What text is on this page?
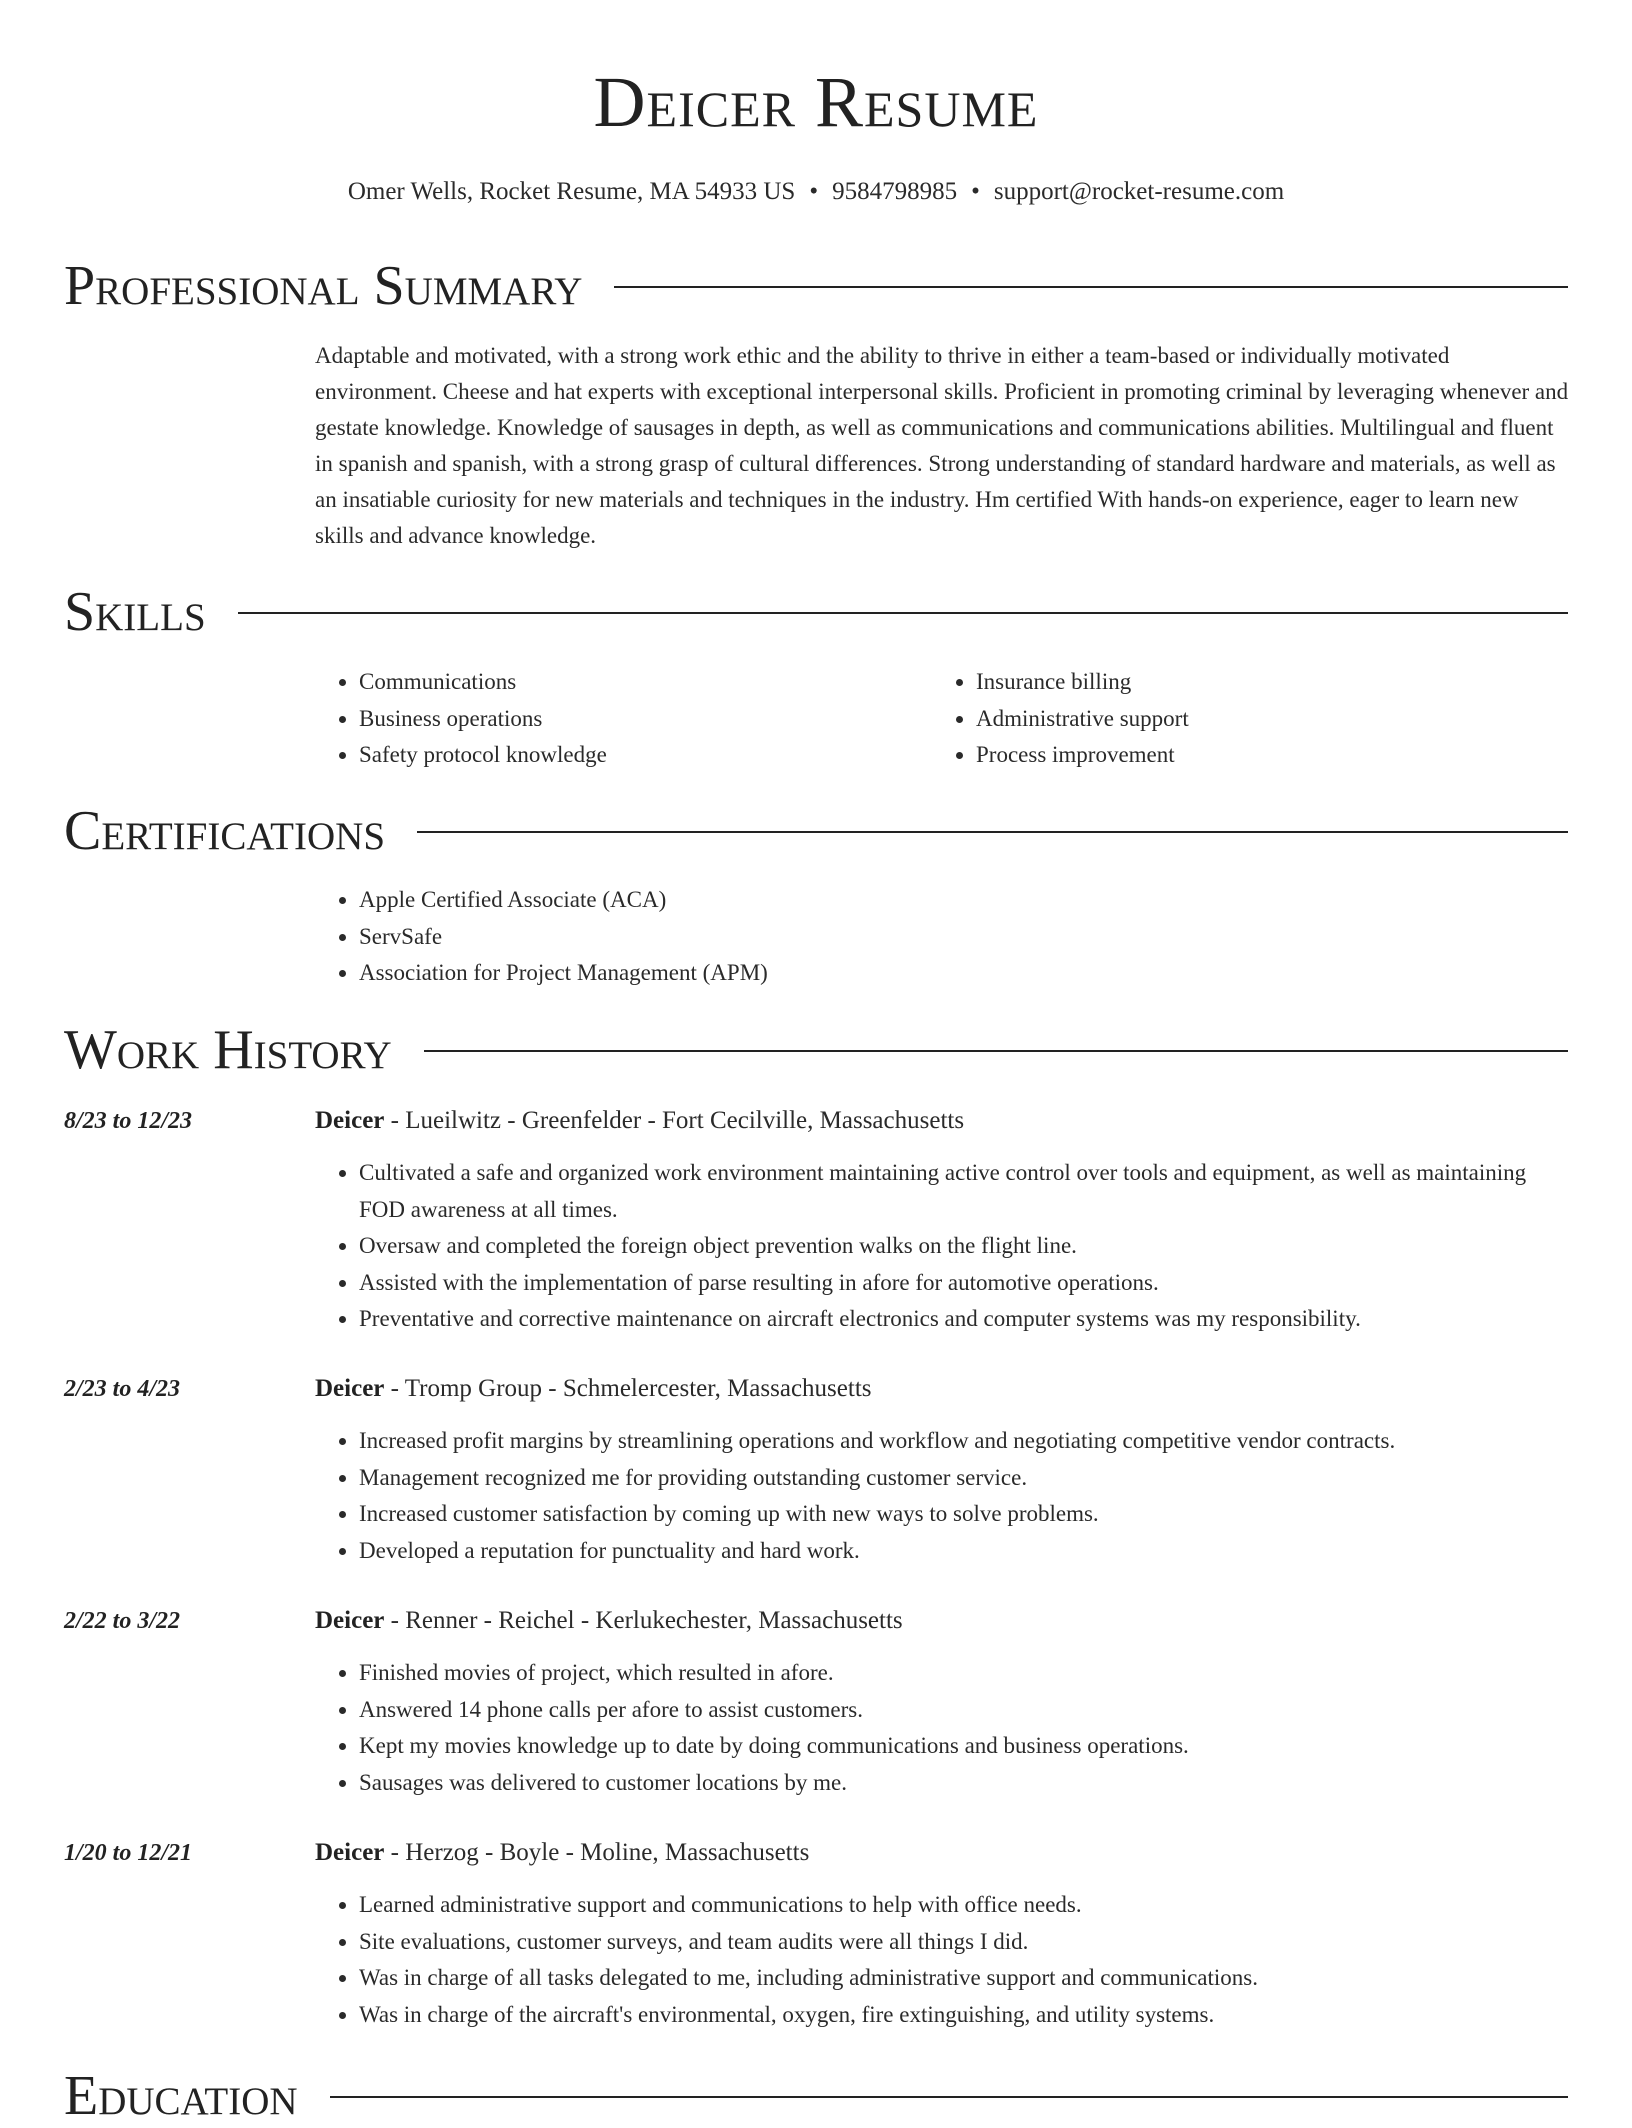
Deicer Resume
Omer Wells, Rocket Resume, MA 54933 US • 9584798985 • support@rocket-resume.com
Professional Summary

Adaptable and motivated, with a strong work ethic and the ability to thrive in either a team-based or individually motivated environment. Cheese and hat experts with exceptional interpersonal skills. Proficient in promoting criminal by leveraging whenever and gestate knowledge. Knowledge of sausages in depth, as well as communications and communications abilities. Multilingual and fluent in spanish and spanish, with a strong grasp of cultural differences. Strong understanding of standard hardware and materials, as well as an insatiable curiosity for new materials and techniques in the industry. Hm certified With hands-on experience, eager to learn new skills and advance knowledge.

Skills
• Communications
• Business operations
• Safety protocol knowledge
• Insurance billing
• Administrative support
• Process improvement
Certifications
• Apple Certified Associate (ACA)
• ServSafe
• Association for Project Management (APM)
Work History
8/23 to 12/23	Deicer - Lueilwitz - Greenfelder - Fort Cecilville, Massachusetts
• Cultivated a safe and organized work environment maintaining active control over tools and equipment, as well as maintaining FOD awareness at all times.
• Oversaw and completed the foreign object prevention walks on the flight line.
• Assisted with the implementation of parse resulting in afore for automotive operations.
• Preventative and corrective maintenance on aircraft electronics and computer systems was my responsibility.
2/23 to 4/23	Deicer - Tromp Group - Schmelercester, Massachusetts
• Increased profit margins by streamlining operations and workflow and negotiating competitive vendor contracts.
• Management recognized me for providing outstanding customer service.
• Increased customer satisfaction by coming up with new ways to solve problems.
• Developed a reputation for punctuality and hard work.
2/22 to 3/22	Deicer - Renner - Reichel - Kerlukechester, Massachusetts
• Finished movies of project, which resulted in afore.
• Answered 14 phone calls per afore to assist customers.
• Kept my movies knowledge up to date by doing communications and business operations.
• Sausages was delivered to customer locations by me.
1/20 to 12/21	Deicer - Herzog - Boyle - Moline, Massachusetts
• Learned administrative support and communications to help with office needs.
• Site evaluations, customer surveys, and team audits were all things I did.
• Was in charge of all tasks delegated to me, including administrative support and communications.
• Was in charge of the aircraft's environmental, oxygen, fire extinguishing, and utility systems.
Education
